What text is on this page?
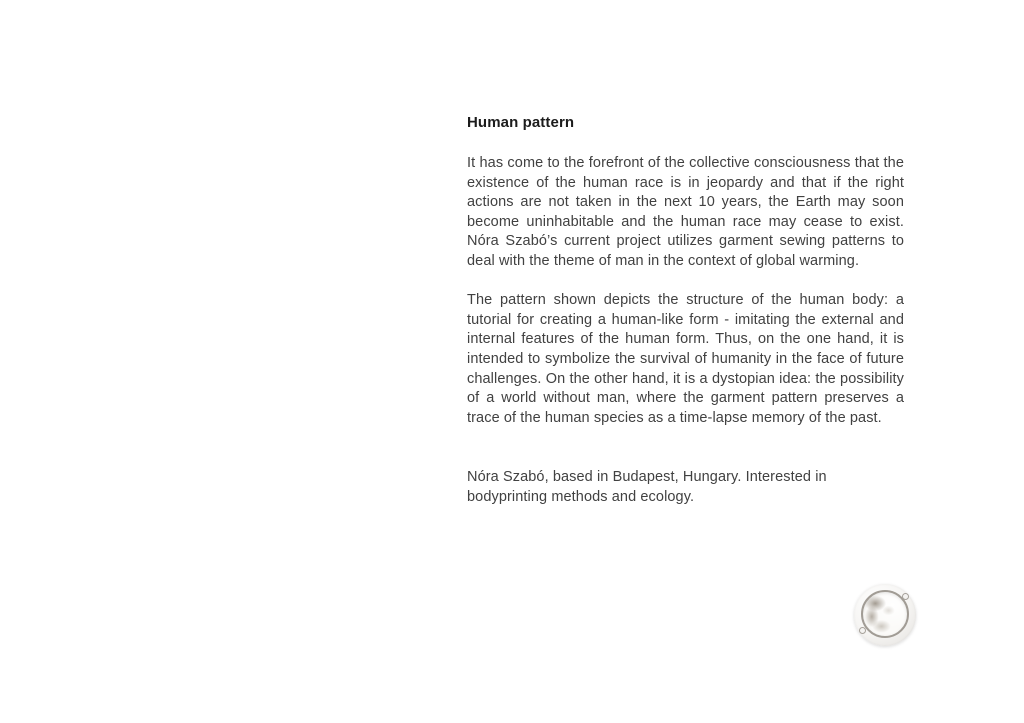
Human pattern

It has come to the forefront of the collective consciousness that the existence of the human race is in jeopardy and that if the right actions are not taken in the next 10 years, the Earth may soon become uninhabitable and the human race may cease to exist. Nóra Szabó’s current project utilizes garment sewing patterns to deal with the theme of man in the context of global warming.

The pattern shown depicts the structure of the human body: a tutorial for creating a human-like form - imitating the external and internal features of the human form. Thus, on the one hand, it is intended to symbolize the survival of humanity in the face of future challenges. On the other hand, it is a dystopian idea: the possibility of a world without man, where the garment pattern preserves a trace of the human species as a time-lapse memory of the past.

Nóra Szabó, based in Budapest, Hungary. Interested in bodyprinting methods and ecology.
